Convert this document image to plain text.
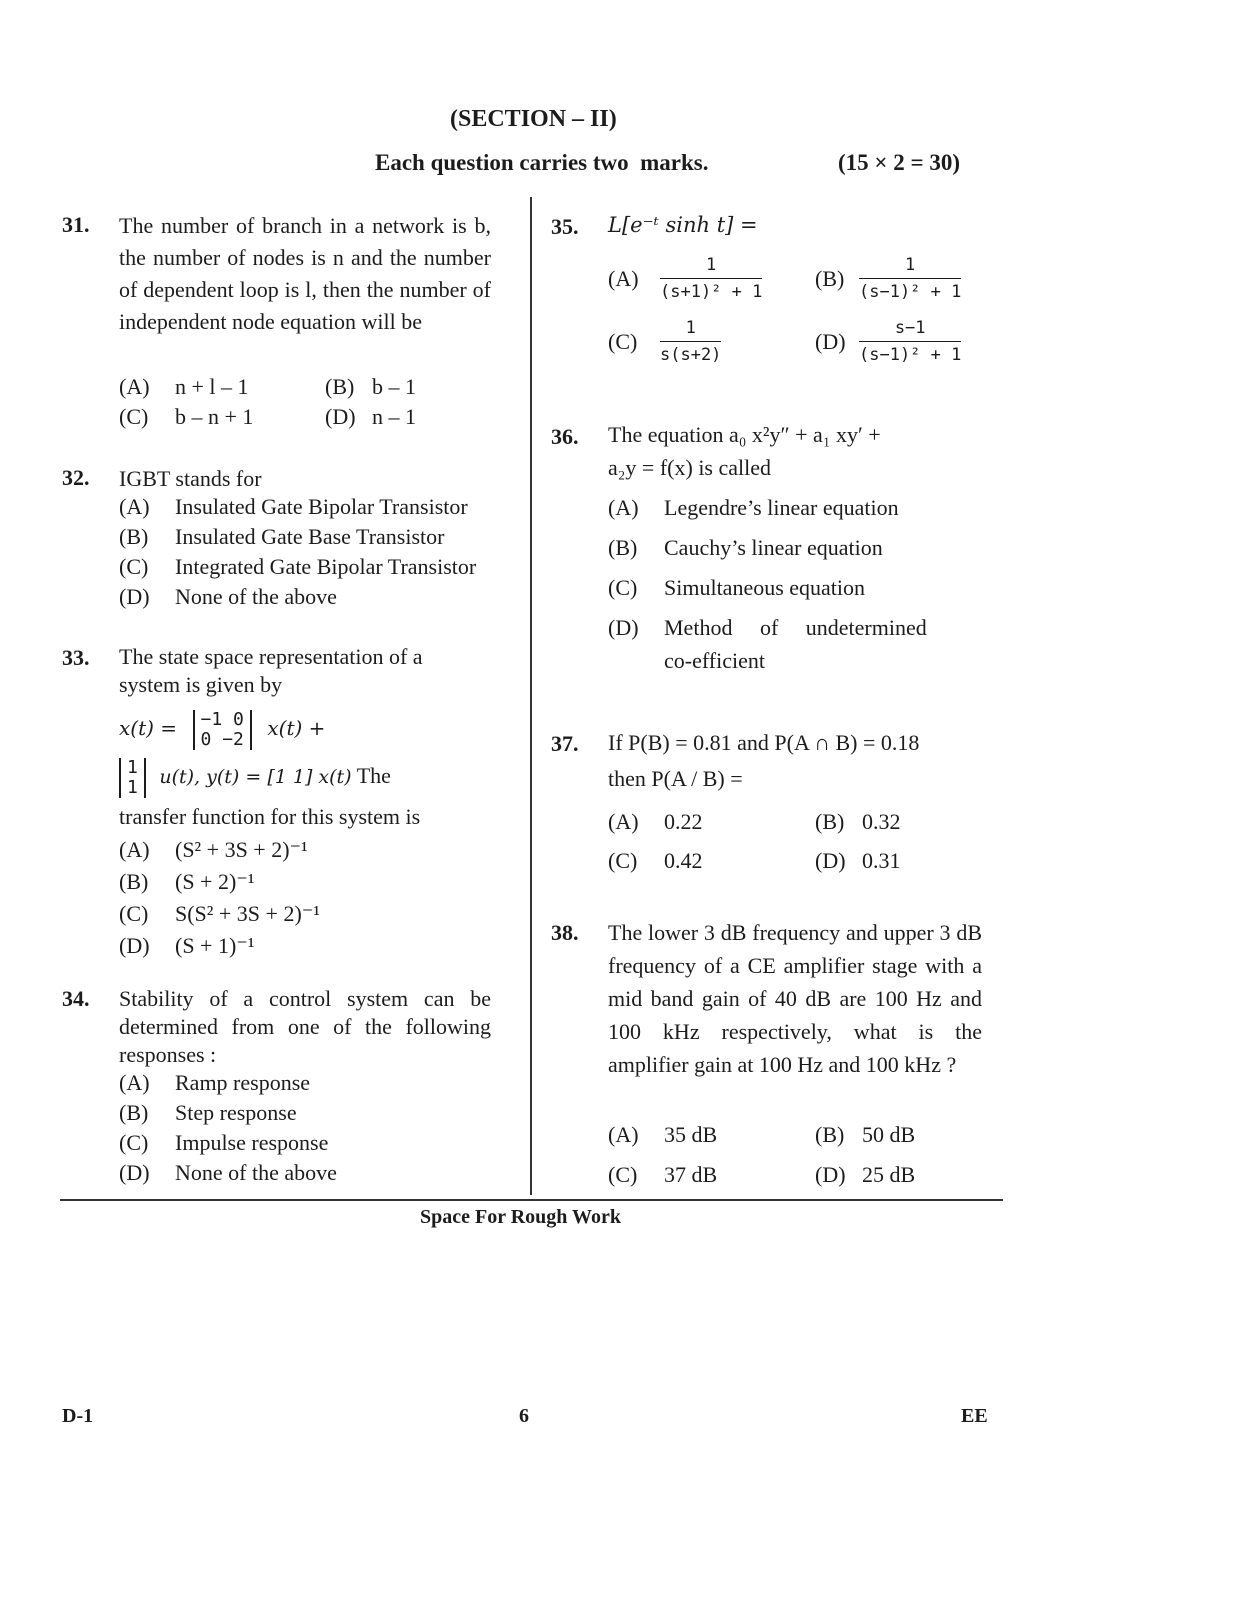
(SECTION – II)
Each question carries two  marks.	(15 × 2 = 30)
31. The number of branch in a network is b, the number of nodes is n and the number of dependent loop is l, then the number of independent node equation will be
(A) n + l – 1	(B) b – 1
(C) b – n + 1	(D) n – 1
32. IGBT stands for
(A) Insulated Gate Bipolar Transistor
(B) Insulated Gate Base Transistor
(C) Integrated Gate Bipolar Transistor
(D) None of the above
33. The state space representation of a system is given by
x(t) = −1 0
0 −2 x(t) +
1
1 u(t), y(t) = [1 1] x(t) The
transfer function for this system is
(A) (S² + 3S + 2)⁻¹
(B) (S + 2)⁻¹
(C) S(S² + 3S + 2)⁻¹
(D) (S + 1)⁻¹
34. Stability of a control system can be determined from one of the following responses :
(A) Ramp response
(B) Step response
(C) Impulse response
(D) None of the above
35. L[e⁻ᵗ sinh t] =
$(A) \frac{1}{\text{(s+1)² + 1}} (B) \frac{1}{\text{(s−1)² + 1}}$
$(C) \frac{1}{s(s+2)}$	$(D) \frac{s-1}{\text{(s−1)² + 1}}$
36. The equation a₀ x²y″ + a₁ xy′ +
a₂y = f(x) is called
(A) Legendre’s linear equation
(B) Cauchy’s linear equation
(C) Simultaneous equation
(D) Method     of     undetermined
co-efficient
37. If P(B) = 0.81 and P(A ∩ B) = 0.18
then P(A / B) =
(A) 0.22	(B) 0.32
(C) 0.42	(D) 0.31
38. The lower 3 dB frequency and upper 3 dB frequency of a CE amplifier stage with a mid band gain of 40 dB are 100 Hz and 100 kHz respectively, what is the amplifier gain at 100 Hz and 100 kHz ?
(A) 35 dB	(B) 50 dB
(C) 37 dB	(D) 25 dB
Space For Rough Work
D-1	6	EE
